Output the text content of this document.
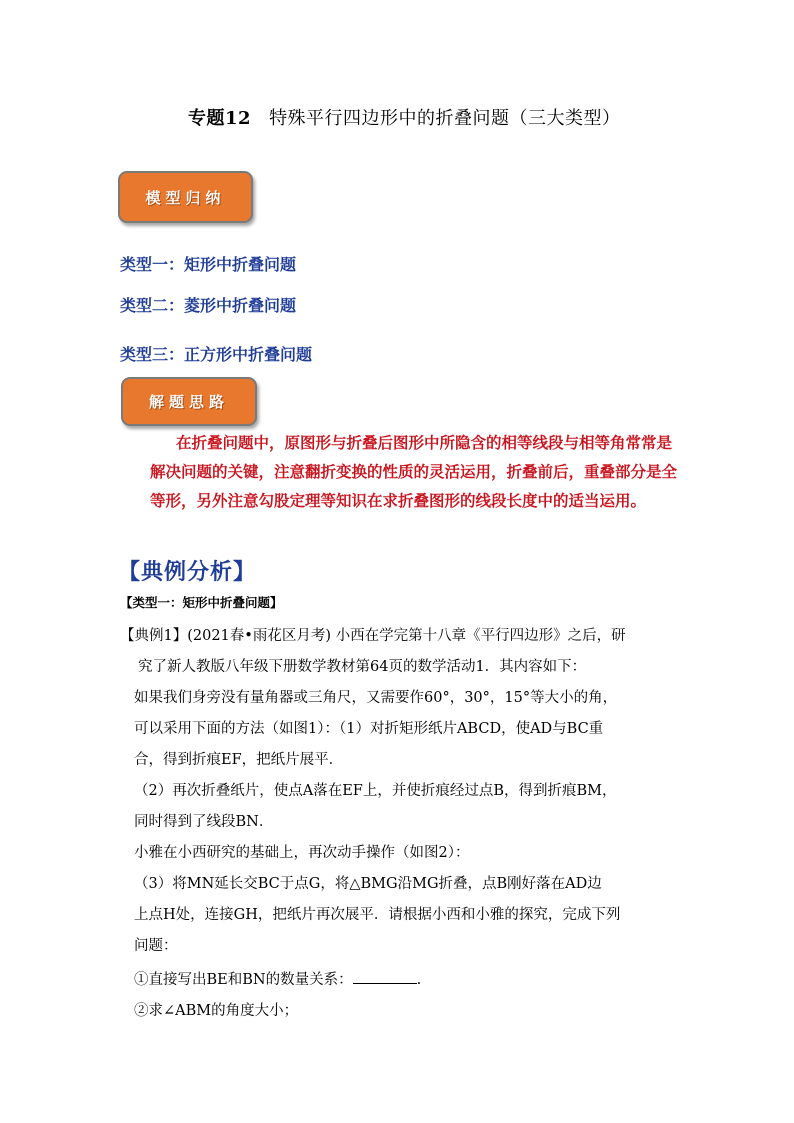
专题12 特殊平行四边形中的折叠问题（三大类型）
模型归纳
类型一：矩形中折叠问题
类型二：菱形中折叠问题
类型三：正方形中折叠问题
解题思路
在折叠问题中，原图形与折叠后图形中所隐含的相等线段与相等角常常是解决问题的关键，注意翻折变换的性质的灵活运用，折叠前后，重叠部分是全等形，另外注意勾股定理等知识在求折叠图形的线段长度中的适当运用。
【典例分析】
【类型一：矩形中折叠问题】
【典例1】(2021春•雨花区月考) 小西在学完第十八章《平行四边形》之后，研
究了新人教版八年级下册数学教材第64页的数学活动1．其内容如下：
如果我们身旁没有量角器或三角尺，又需要作60°，30°，15°等大小的角，
可以采用下面的方法（如图1）：（1）对折矩形纸片ABCD，使AD与BC重
合，得到折痕EF，把纸片展平．
（2）再次折叠纸片，使点A落在EF上，并使折痕经过点B，得到折痕BM，
同时得到了线段BN．
小雅在小西研究的基础上，再次动手操作（如图2）：
（3）将MN延长交BC于点G，将△BMG沿MG折叠，点B刚好落在AD边
上点H处，连接GH，把纸片再次展平．请根据小西和小雅的探究，完成下列
问题：
①直接写出BE和BN的数量关系：	.
②求∠ABM的角度大小；
